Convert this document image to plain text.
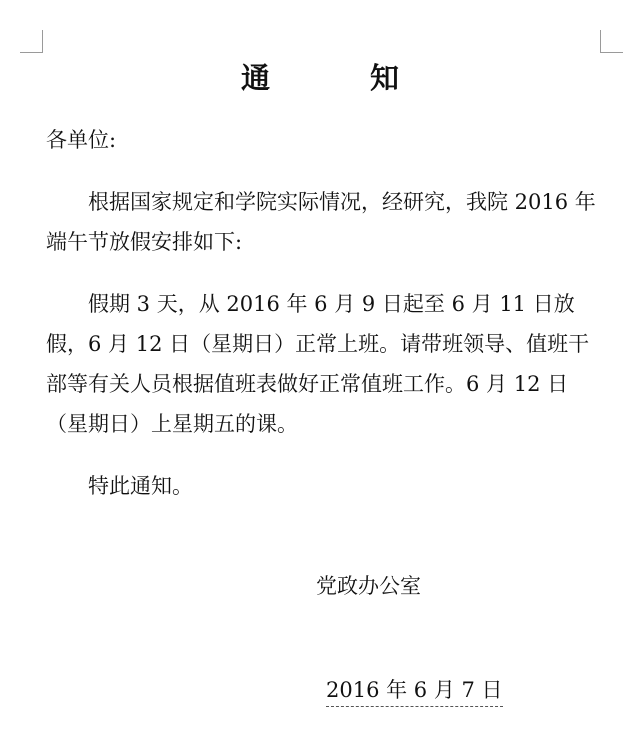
通	知
各单位:

根据国家规定和学院实际情况，经研究，我院 2016 年端午节放假安排如下:

假期 3 天，从 2016 年 6 月 9 日起至 6 月 11 日放假，6 月 12 日（星期日）正常上班。请带班领导、值班干部等有关人员根据值班表做好正常值班工作。6 月 12 日（星期日）上星期五的课。

特此通知。

党政办公室
2016 年 6 月 7 日
